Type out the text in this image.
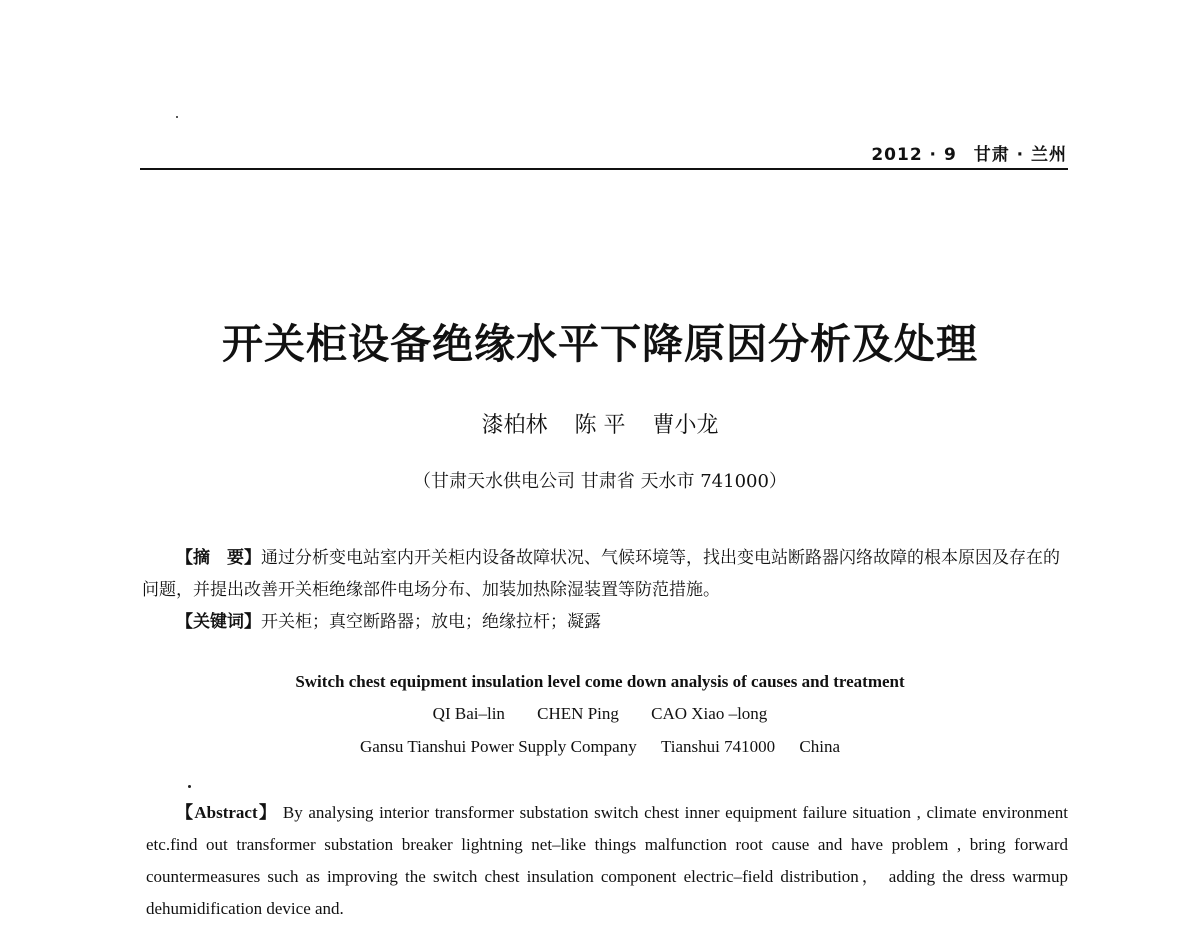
2012 · 9 甘肃 · 兰州
开关柜设备绝缘水平下降原因分析及处理
漆柏林 陈 平 曹小龙
（甘肃天水供电公司 甘肃省 天水市 741000）

【摘　要】通过分析变电站室内开关柜内设备故障状况、气候环境等，找出变电站断路器闪络故障的根本原因及存在的问题，并提出改善开关柜绝缘部件电场分布、加装加热除湿装置等防范措施。

【关键词】开关柜；真空断路器；放电；绝缘拉杆；凝露
Switch chest equipment insulation level come down analysis of causes and treatment
QI Bai–lin CHEN Ping CAO Xiao –long
Gansu Tianshui Power Supply Company Tianshui 741000 China

【Abstract】 By analysing interior transformer substation switch chest inner equipment failure situation , climate environment etc.find out transformer substation breaker lightning net–like things malfunction root cause and have problem , bring forward countermeasures such as improving the switch chest insulation component electric–field distribution， adding the dress warmup dehumidification device and.
